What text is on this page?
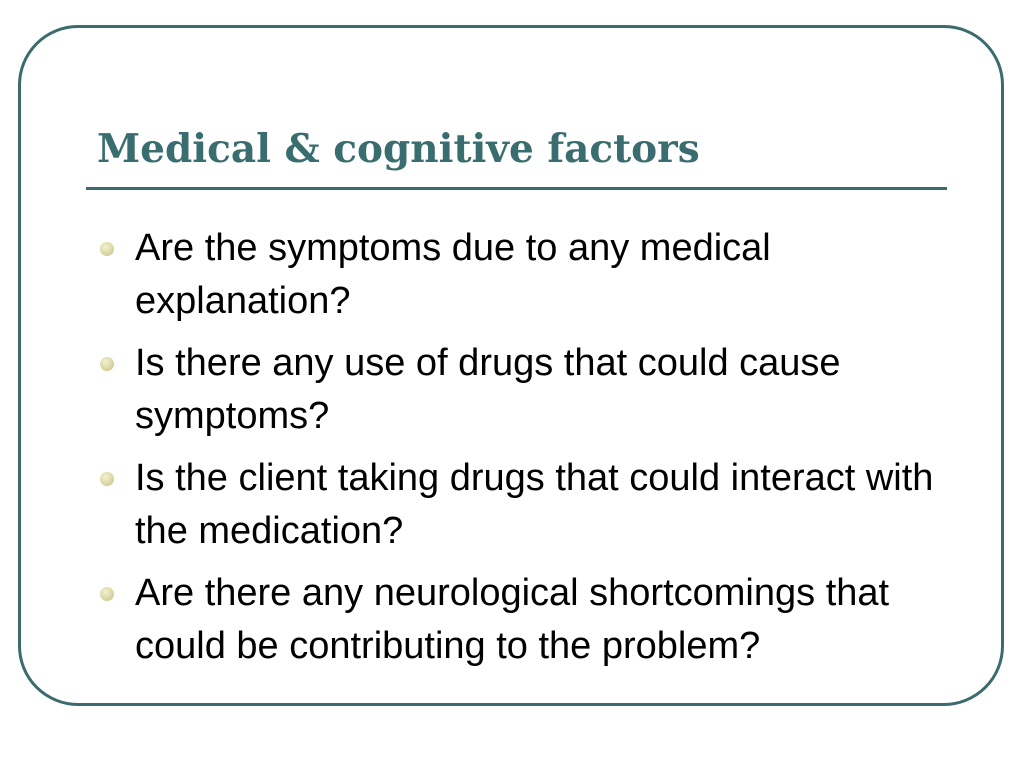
Medical & cognitive factors
Are the symptoms due to any medical explanation?
Is there any use of drugs that could cause symptoms?
Is the client taking drugs that could interact with the medication?
Are there any neurological shortcomings that could be contributing to the problem?
